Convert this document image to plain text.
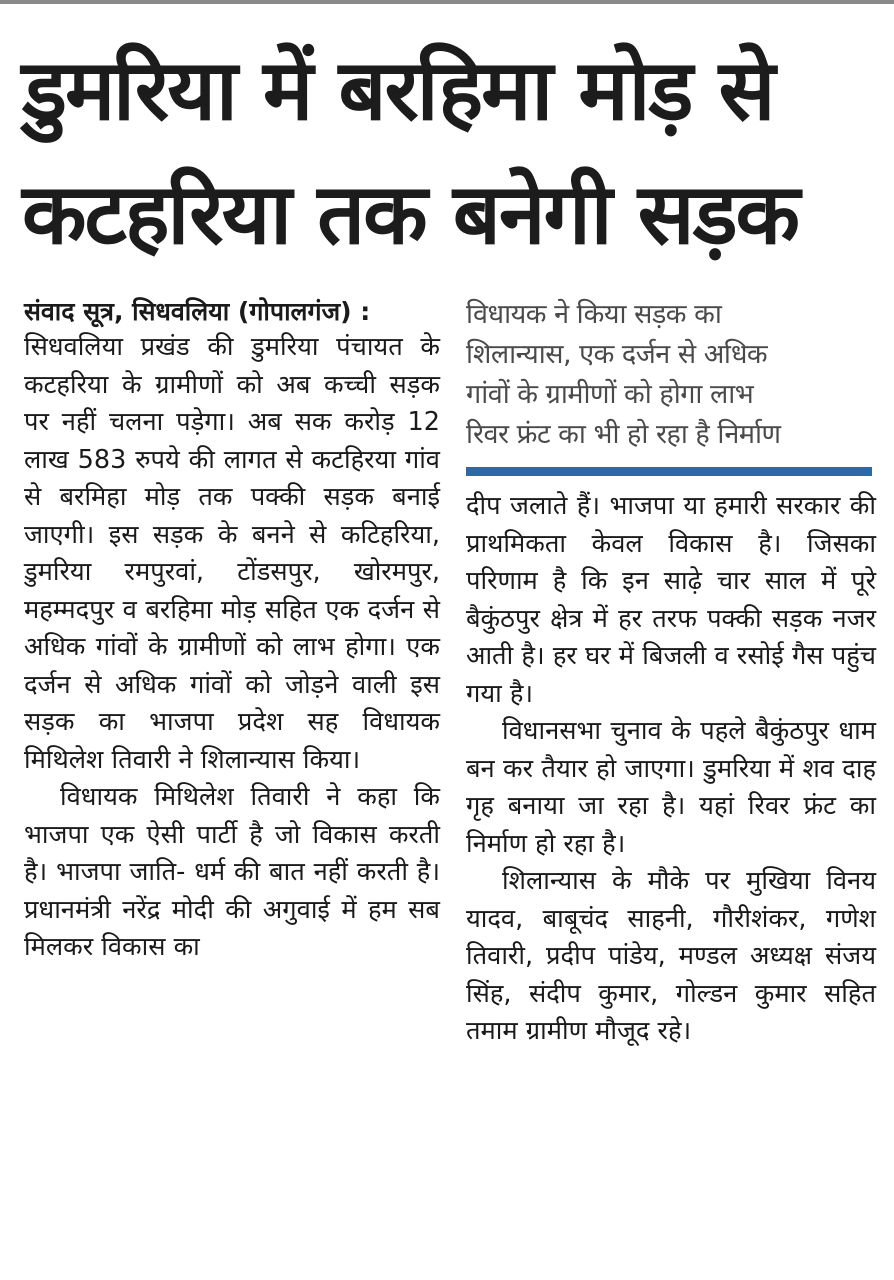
डुमरिया में बरहिमा मोड़ से
कटहरिया तक बनेगी सड़क
संवाद सूत्र, सिधवलिया (गोपालगंज) :

सिधवलिया प्रखंड की डुमरिया पंचायत के कटहरिया के ग्रामीणों को अब कच्ची सड़क पर नहीं चलना पड़ेगा। अब सक करोड़ 12 लाख 583 रुपये की लागत से कटहिरया गांव से बरमिहा मोड़ तक पक्की सड़क बनाई जाएगी। इस सड़क के बनने से कटिहरिया, डुमरिया रमपुरवां, टोंडसपुर, खोरमपुर, महम्मदपुर व बरहिमा मोड़ सहित एक दर्जन से अधिक गांवों के ग्रामीणों को लाभ होगा। एक दर्जन से अधिक गांवों को जोड़ने वाली इस सड़क का भाजपा प्रदेश सह विधायक मिथिलेश तिवारी ने शिलान्यास किया।

विधायक मिथिलेश तिवारी ने कहा कि भाजपा एक ऐसी पार्टी है जो विकास करती है। भाजपा जाति- धर्म की बात नहीं करती है। प्रधानमंत्री नरेंद्र मोदी की अगुवाई में हम सब मिलकर विकास का

विधायक ने किया सड़क का
शिलान्यास, एक दर्जन से अधिक
गांवों के ग्रामीणों को होगा लाभ
रिवर फ्रंट का भी हो रहा है निर्माण

दीप जलाते हैं। भाजपा या हमारी सरकार की प्राथमिकता केवल विकास है। जिसका परिणाम है कि इन साढ़े चार साल में पूरे बैकुंठपुर क्षेत्र में हर तरफ पक्की सड़क नजर आती है। हर घर में बिजली व रसोई गैस पहुंच गया है।

विधानसभा चुनाव के पहले बैकुंठपुर धाम बन कर तैयार हो जाएगा। डुमरिया में शव दाह गृह बनाया जा रहा है। यहां रिवर फ्रंट का निर्माण हो रहा है।

शिलान्यास के मौके पर मुखिया विनय यादव, बाबूचंद साहनी, गौरीशंकर, गणेश तिवारी, प्रदीप पांडेय, मण्डल अध्यक्ष संजय सिंह, संदीप कुमार, गोल्डन कुमार सहित तमाम ग्रामीण मौजूद रहे।
